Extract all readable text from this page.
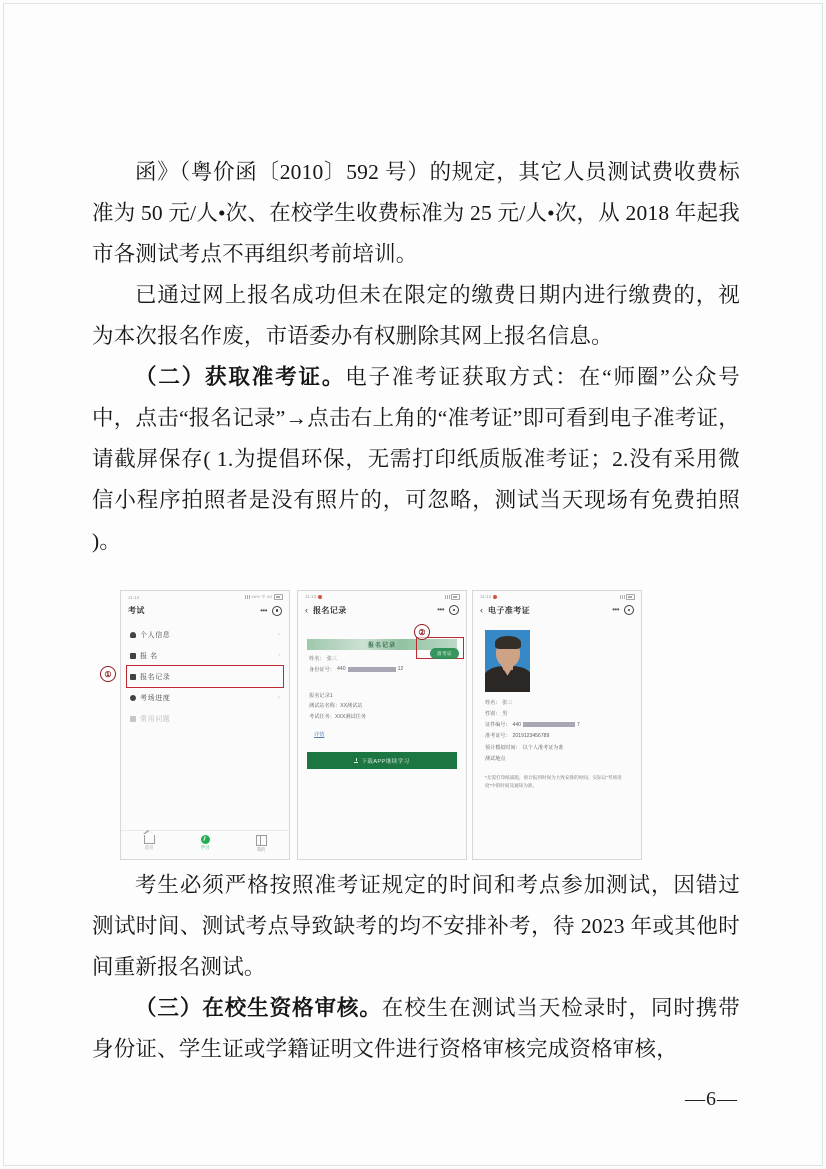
函》（粤价函〔2010〕592 号）的规定，其它人员测试费收费标准为 50 元/人•次、在校学生收费标准为 25 元/人•次，从 2018 年起我市各测试考点不再组织考前培训。

已通过网上报名成功但未在限定的缴费日期内进行缴费的，视为本次报名作废，市语委办有权删除其网上报名信息。

（二）获取准考证。电子准考证获取方式：在“师圈”公众号中，点击“报名记录”→点击右上角的“准考证”即可看到电子准考证，请截屏保存( 1.为提倡环保，无需打印纸质版准考证；2.没有采用微信小程序拍照者是没有照片的，可忽略，测试当天现场有免费拍照 )。

①
②
11:13	96% 中 4G
考试	•••
个人信息	›
报 名	›
报名记录
考场进度	›
常用问题
首页	学习	我的
11:13
‹ 报名记录	•••
准考证
报名记录
姓名： 张三
身份证号： 440	12
报名记录1
测试站名称：XX测试站
考试任务：XXX测试任务
详情
下载APP继续学习
11:13
‹ 电子准考证	•••
姓名： 张三
性别： 男
证件编号： 440	7
准考证号： 2019123456789
预计模拟时间： 以个人准考证为准
测试地点
*无需打印纸质版，预计报到时间为大致安排的时间，实际以“考场进度”中的时间及通知为准。

考生必须严格按照准考证规定的时间和考点参加测试，因错过测试时间、测试考点导致缺考的均不安排补考，待 2023 年或其他时间重新报名测试。

（三）在校生资格审核。在校生在测试当天检录时，同时携带身份证、学生证或学籍证明文件进行资格审核完成资格审核，

—6—
